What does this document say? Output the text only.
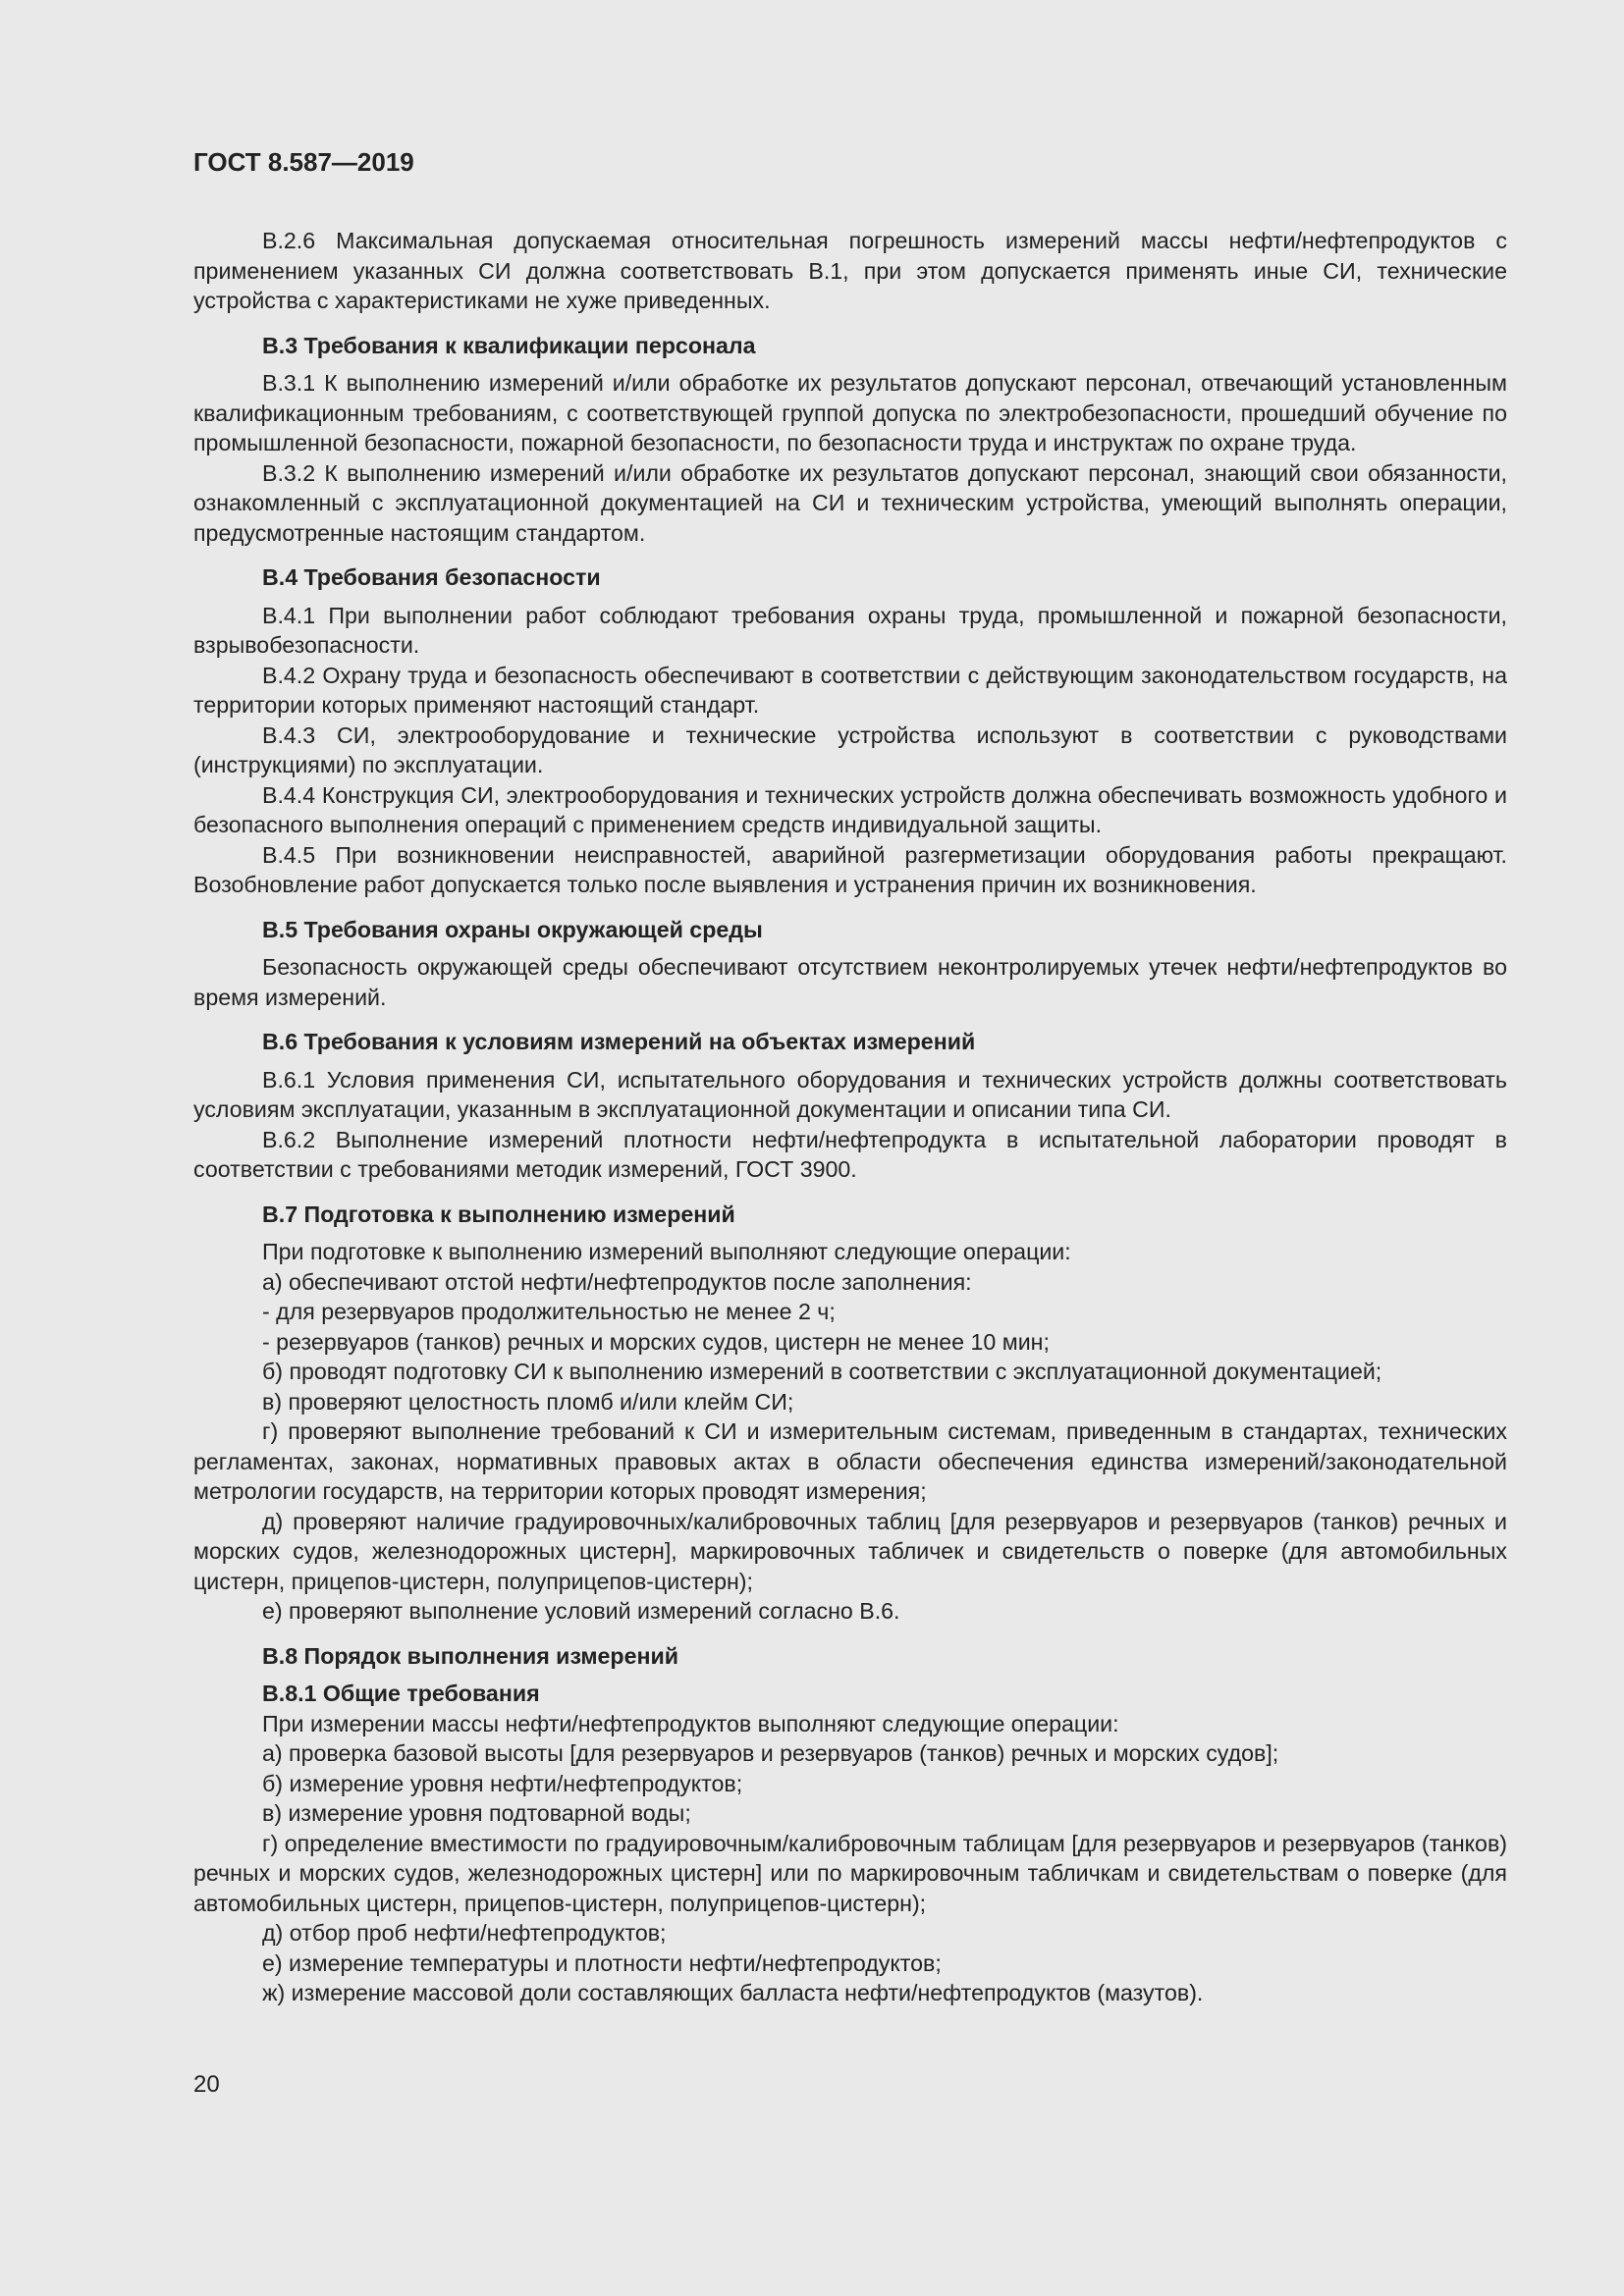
ГОСТ 8.587—2019

В.2.6 Максимальная допускаемая относительная погрешность измерений массы нефти/нефтепродуктов с применением указанных СИ должна соответствовать В.1, при этом допускается применять иные СИ, технические устройства с характеристиками не хуже приведенных.

В.3 Требования к квалификации персонала

В.3.1 К выполнению измерений и/или обработке их результатов допускают персонал, отвечающий установленным квалификационным требованиям, с соответствующей группой допуска по электробезопасности, прошедший обучение по промышленной безопасности, пожарной безопасности, по безопасности труда и инструктаж по охране труда.

В.3.2 К выполнению измерений и/или обработке их результатов допускают персонал, знающий свои обязанности, ознакомленный с эксплуатационной документацией на СИ и техническим устройства, умеющий выполнять операции, предусмотренные настоящим стандартом.

В.4 Требования безопасности

В.4.1 При выполнении работ соблюдают требования охраны труда, промышленной и пожарной безопасности, взрывобезопасности.

В.4.2 Охрану труда и безопасность обеспечивают в соответствии с действующим законодательством государств, на территории которых применяют настоящий стандарт.

В.4.3 СИ, электрооборудование и технические устройства используют в соответствии с руководствами (инструкциями) по эксплуатации.

В.4.4 Конструкция СИ, электрооборудования и технических устройств должна обеспечивать возможность удобного и безопасного выполнения операций с применением средств индивидуальной защиты.

В.4.5 При возникновении неисправностей, аварийной разгерметизации оборудования работы прекращают. Возобновление работ допускается только после выявления и устранения причин их возникновения.

В.5 Требования охраны окружающей среды

Безопасность окружающей среды обеспечивают отсутствием неконтролируемых утечек нефти/нефтепродуктов во время измерений.

В.6 Требования к условиям измерений на объектах измерений

В.6.1 Условия применения СИ, испытательного оборудования и технических устройств должны соответствовать условиям эксплуатации, указанным в эксплуатационной документации и описании типа СИ.

В.6.2 Выполнение измерений плотности нефти/нефтепродукта в испытательной лаборатории проводят в соответствии с требованиями методик измерений, ГОСТ 3900.

В.7 Подготовка к выполнению измерений

При подготовке к выполнению измерений выполняют следующие операции:

а) обеспечивают отстой нефти/нефтепродуктов после заполнения:

- для резервуаров продолжительностью не менее 2 ч;

- резервуаров (танков) речных и морских судов, цистерн не менее 10 мин;

б) проводят подготовку СИ к выполнению измерений в соответствии с эксплуатационной документацией;

в) проверяют целостность пломб и/или клейм СИ;

г) проверяют выполнение требований к СИ и измерительным системам, приведенным в стандартах, технических регламентах, законах, нормативных правовых актах в области обеспечения единства измерений/законодательной метрологии государств, на территории которых проводят измерения;

д) проверяют наличие градуировочных/калибровочных таблиц [для резервуаров и резервуаров (танков) речных и морских судов, железнодорожных цистерн], маркировочных табличек и свидетельств о поверке (для автомобильных цистерн, прицепов-цистерн, полуприцепов-цистерн);

е) проверяют выполнение условий измерений согласно В.6.

В.8 Порядок выполнения измерений

В.8.1 Общие требования

При измерении массы нефти/нефтепродуктов выполняют следующие операции:

а) проверка базовой высоты [для резервуаров и резервуаров (танков) речных и морских судов];

б) измерение уровня нефти/нефтепродуктов;

в) измерение уровня подтоварной воды;

г) определение вместимости по градуировочным/калибровочным таблицам [для резервуаров и резервуаров (танков) речных и морских судов, железнодорожных цистерн] или по маркировочным табличкам и свидетельствам о поверке (для автомобильных цистерн, прицепов-цистерн, полуприцепов-цистерн);

д) отбор проб нефти/нефтепродуктов;

е) измерение температуры и плотности нефти/нефтепродуктов;

ж) измерение массовой доли составляющих балласта нефти/нефтепродуктов (мазутов).

20
